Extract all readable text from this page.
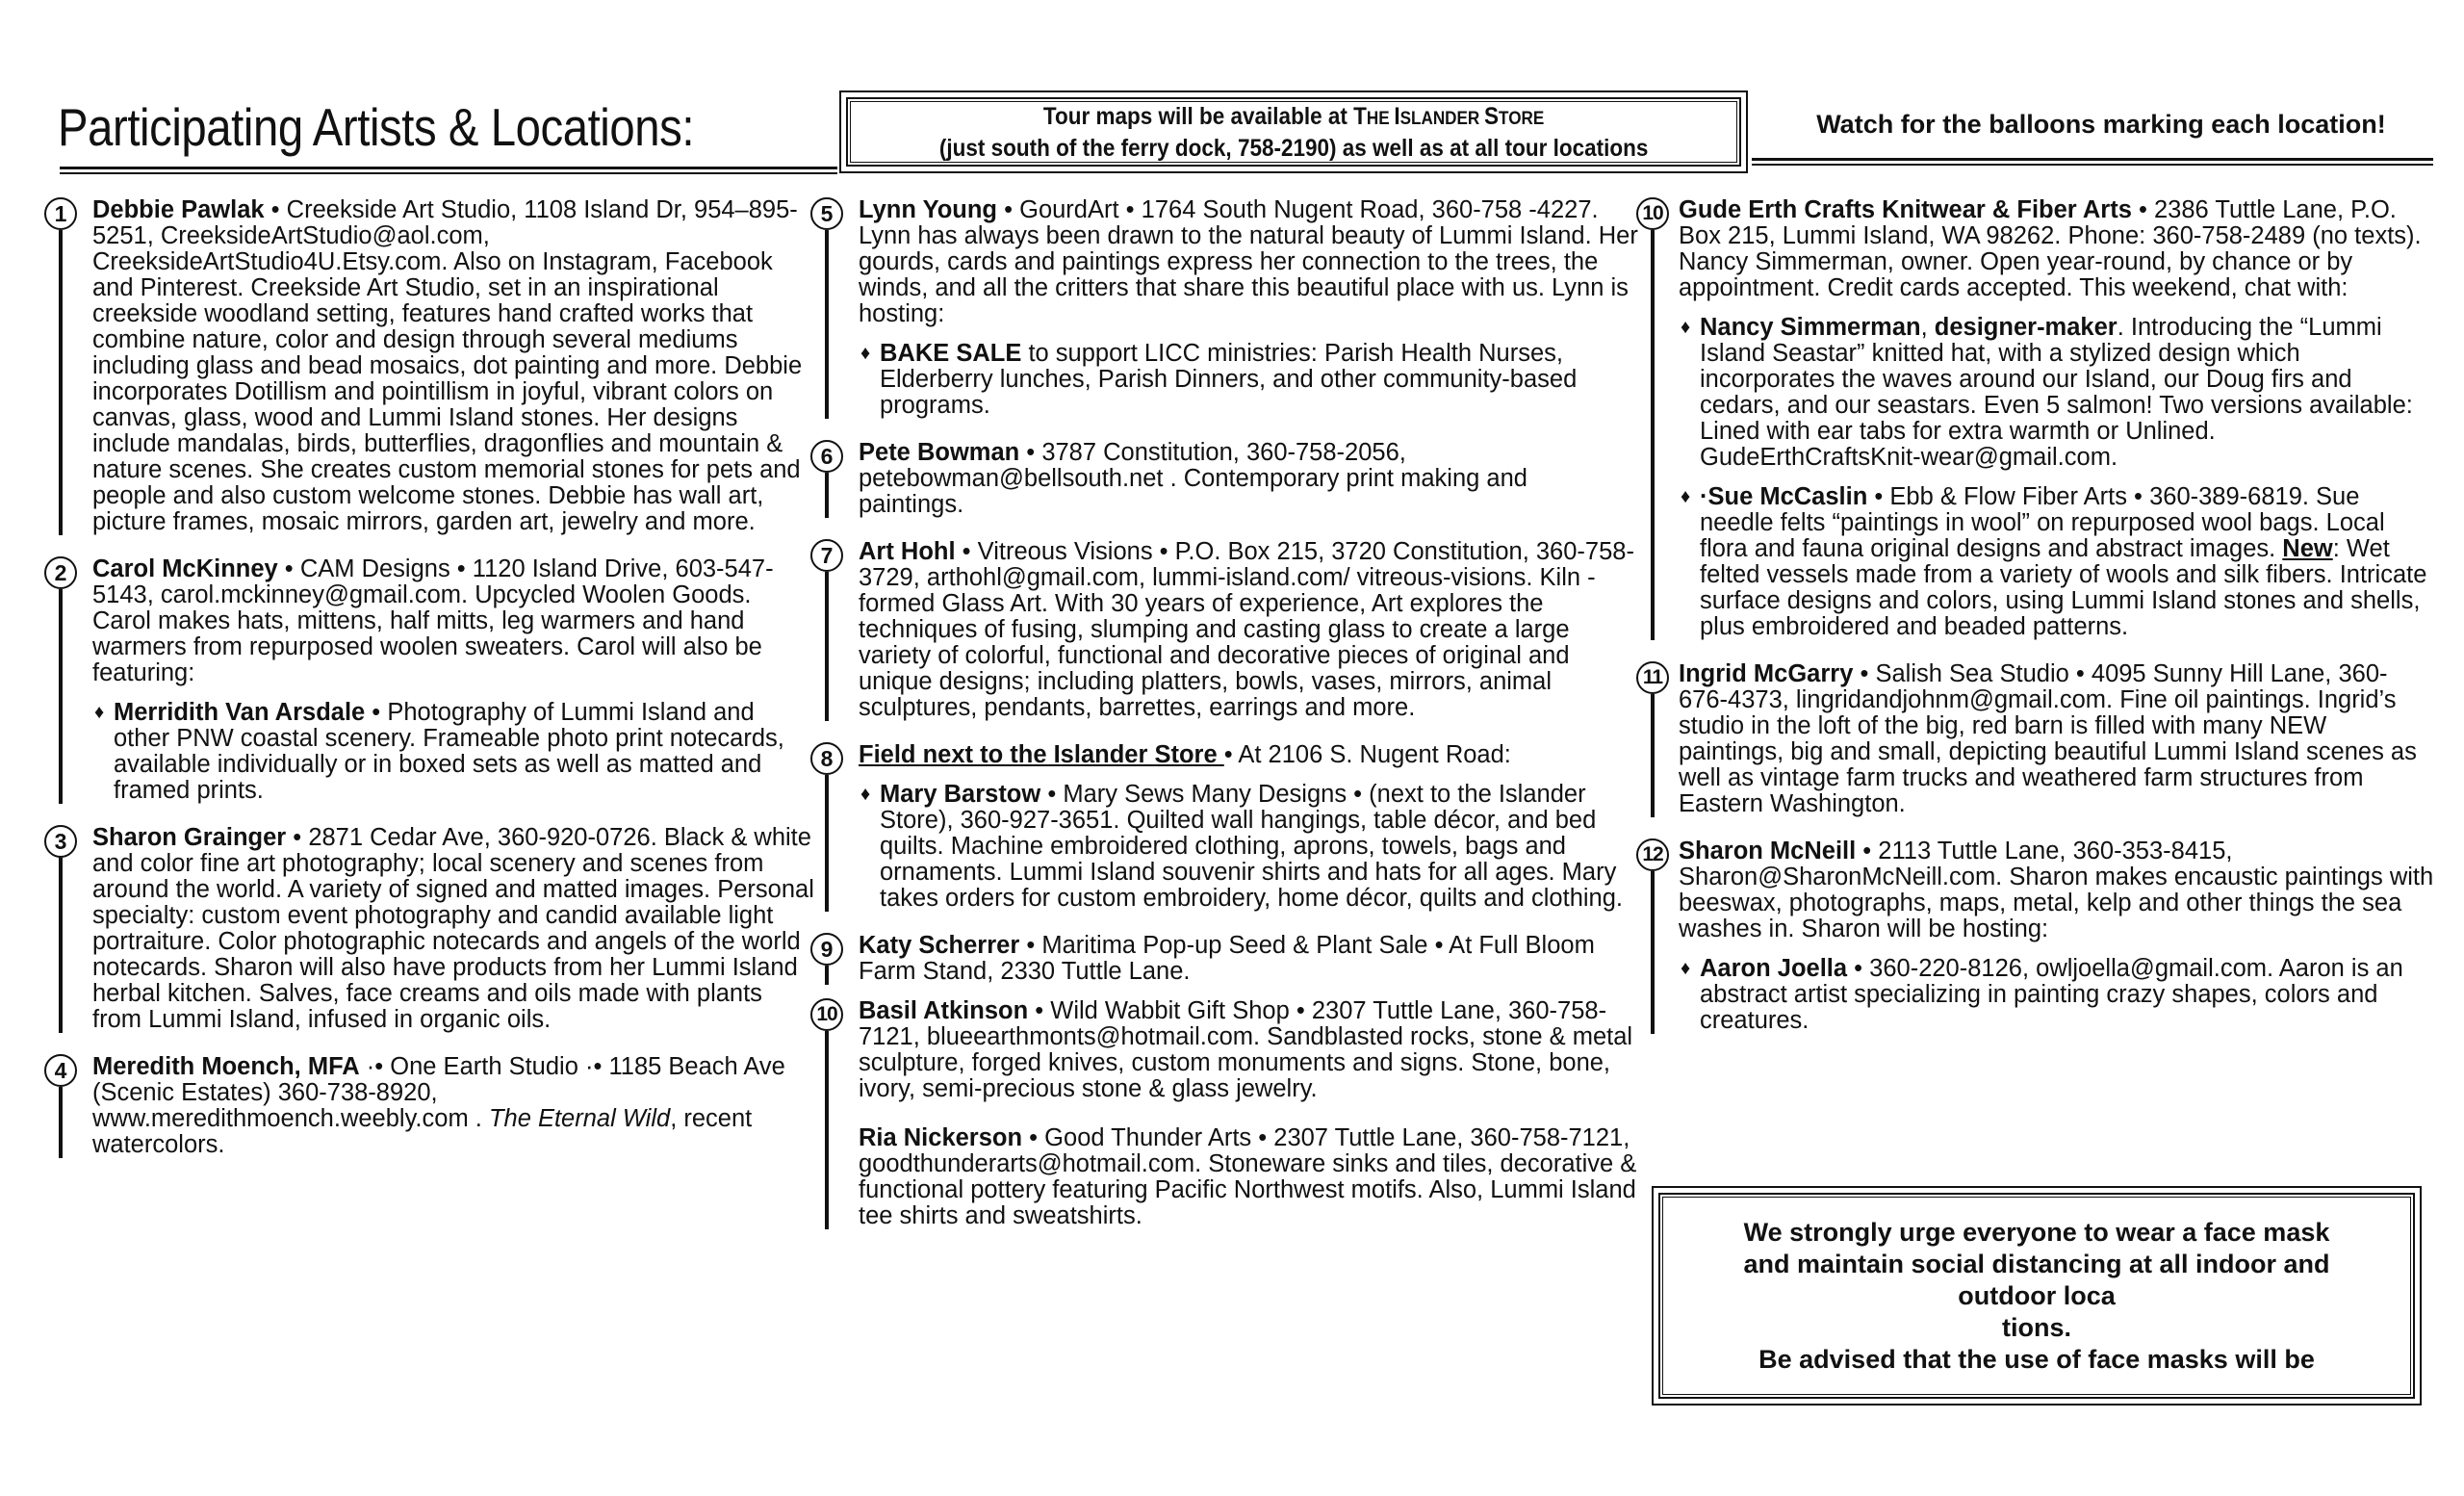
Participating Artists & Locations:	Tour maps will be available at THE ISLANDER STORE
(just south of the ferry dock, 758-2190) as well as at all tour locations
Watch for the balloons marking each location!
1	Debbie Pawlak • Creekside Art Studio, 1108 Island Dr, 954–895-5251, CreeksideArtStudio@aol.com, CreeksideArtStudio4U.Etsy.com. Also on Instagram, Facebook and Pinterest. Creekside Art Studio, set in an inspirational creekside woodland setting, features hand crafted works that combine nature, color and design through several mediums including glass and bead mosaics, dot painting and more. Debbie incorporates Dotillism and pointillism in joyful, vibrant colors on canvas, glass, wood and Lummi Island stones. Her designs include mandalas, birds, butterflies, dragonflies and mountain & nature scenes. She creates custom memorial stones for pets and people and also custom welcome stones. Debbie has wall art, picture frames, mosaic mirrors, garden art, jewelry and more.
2	Carol McKinney • CAM Designs • 1120 Island Drive, 603-547-5143, carol.mckinney@gmail.com. Upcycled Woolen Goods. Carol makes hats, mittens, half mitts, leg warmers and hand warmers from repurposed woolen sweaters. Carol will also be featuring:
♦ Merridith Van Arsdale • Photography of Lummi Island and other PNW coastal scenery. Frameable photo print notecards, available individually or in boxed sets as well as matted and framed prints.
3	Sharon Grainger • 2871 Cedar Ave, 360-920-0726. Black & white and color fine art photography; local scenery and scenes from around the world. A variety of signed and matted images. Personal specialty: custom event photography and candid available light portraiture. Color photographic notecards and angels of the world notecards. Sharon will also have products from her Lummi Island herbal kitchen. Salves, face creams and oils made with plants from Lummi Island, infused in organic oils.
4	Meredith Moench, MFA ·• One Earth Studio ·• 1185 Beach Ave (Scenic Estates) 360-738-8920, www.meredithmoench.weebly.com . The Eternal Wild, recent watercolors.
5	Lynn Young • GourdArt • 1764 South Nugent Road, 360-758 -4227. Lynn has always been drawn to the natural beauty of Lummi Island. Her gourds, cards and paintings express her connection to the trees, the winds, and all the critters that share this beautiful place with us. Lynn is hosting:
♦ BAKE SALE to support LICC ministries: Parish Health Nurses, Elderberry lunches, Parish Dinners, and other community-based programs.
6	Pete Bowman • 3787 Constitution, 360-758-2056, petebowman@bellsouth.net . Contemporary print making and paintings.
7	Art Hohl • Vitreous Visions • P.O. Box 215, 3720 Constitution, 360-758-3729, arthohl@gmail.com, lummi-island.com/ vitreous-visions. Kiln -formed Glass Art. With 30 years of experience, Art explores the techniques of fusing, slumping and casting glass to create a large variety of colorful, functional and decorative pieces of original and unique designs; including platters, bowls, vases, mirrors, animal sculptures, pendants, barrettes, earrings and more.
8	Field next to the Islander Store • At 2106 S. Nugent Road:
♦ Mary Barstow • Mary Sews Many Designs • (next to the Islander Store), 360-927-3651. Quilted wall hangings, table décor, and bed quilts. Machine embroidered clothing, aprons, towels, bags and ornaments. Lummi Island souvenir shirts and hats for all ages. Mary takes orders for custom embroidery, home décor, quilts and clothing.
9	Katy Scherrer • Maritima Pop-up Seed & Plant Sale • At Full Bloom Farm Stand, 2330 Tuttle Lane.
10 Basil Atkinson • Wild Wabbit Gift Shop • 2307 Tuttle Lane, 360-758-7121, blueearthmonts@hotmail.com. Sandblasted rocks, stone & metal sculpture, forged knives, custom monuments and signs. Stone, bone, ivory, semi-precious stone & glass jewelry.
Ria Nickerson • Good Thunder Arts • 2307 Tuttle Lane, 360-758-7121, goodthunderarts@hotmail.com. Stoneware sinks and tiles, decorative & functional pottery featuring Pacific Northwest motifs. Also, Lummi Island tee shirts and sweatshirts.
10 Gude Erth Crafts Knitwear & Fiber Arts • 2386 Tuttle Lane, P.O. Box 215, Lummi Island, WA 98262. Phone: 360-758-2489 (no texts). Nancy Simmerman, owner. Open year-round, by chance or by appointment. Credit cards accepted. This weekend, chat with:
♦ Nancy Simmerman, designer-maker. Introducing the “Lummi Island Seastar” knitted hat, with a stylized design which incorporates the waves around our Island, our Doug firs and cedars, and our seastars. Even 5 salmon! Two versions available: Lined with ear tabs for extra warmth or Unlined. GudeErthCraftsKnit-wear@gmail.com.
♦ ·Sue McCaslin • Ebb & Flow Fiber Arts • 360-389-6819. Sue needle felts “paintings in wool” on repurposed wool bags. Local flora and fauna original designs and abstract images. New: Wet felted vessels made from a variety of wools and silk fibers. Intricate surface designs and colors, using Lummi Island stones and shells, plus embroidered and beaded patterns.
11 Ingrid McGarry • Salish Sea Studio • 4095 Sunny Hill Lane, 360-676-4373, lingridandjohnm@gmail.com. Fine oil paintings. Ingrid’s studio in the loft of the big, red barn is filled with many NEW paintings, big and small, depicting beautiful Lummi Island scenes as well as vintage farm trucks and weathered farm structures from Eastern Washington.
12 Sharon McNeill • 2113 Tuttle Lane, 360-353-8415, Sharon@SharonMcNeill.com. Sharon makes encaustic paintings with beeswax, photographs, maps, metal, kelp and other things the sea washes in. Sharon will be hosting:
♦ Aaron Joella • 360-220-8126, owljoella@gmail.com. Aaron is an abstract artist specializing in painting crazy shapes, colors and creatures.
We strongly urge everyone to wear a face mask
and maintain social distancing at all indoor and
outdoor loca
tions.
Be advised that the use of face masks will be
